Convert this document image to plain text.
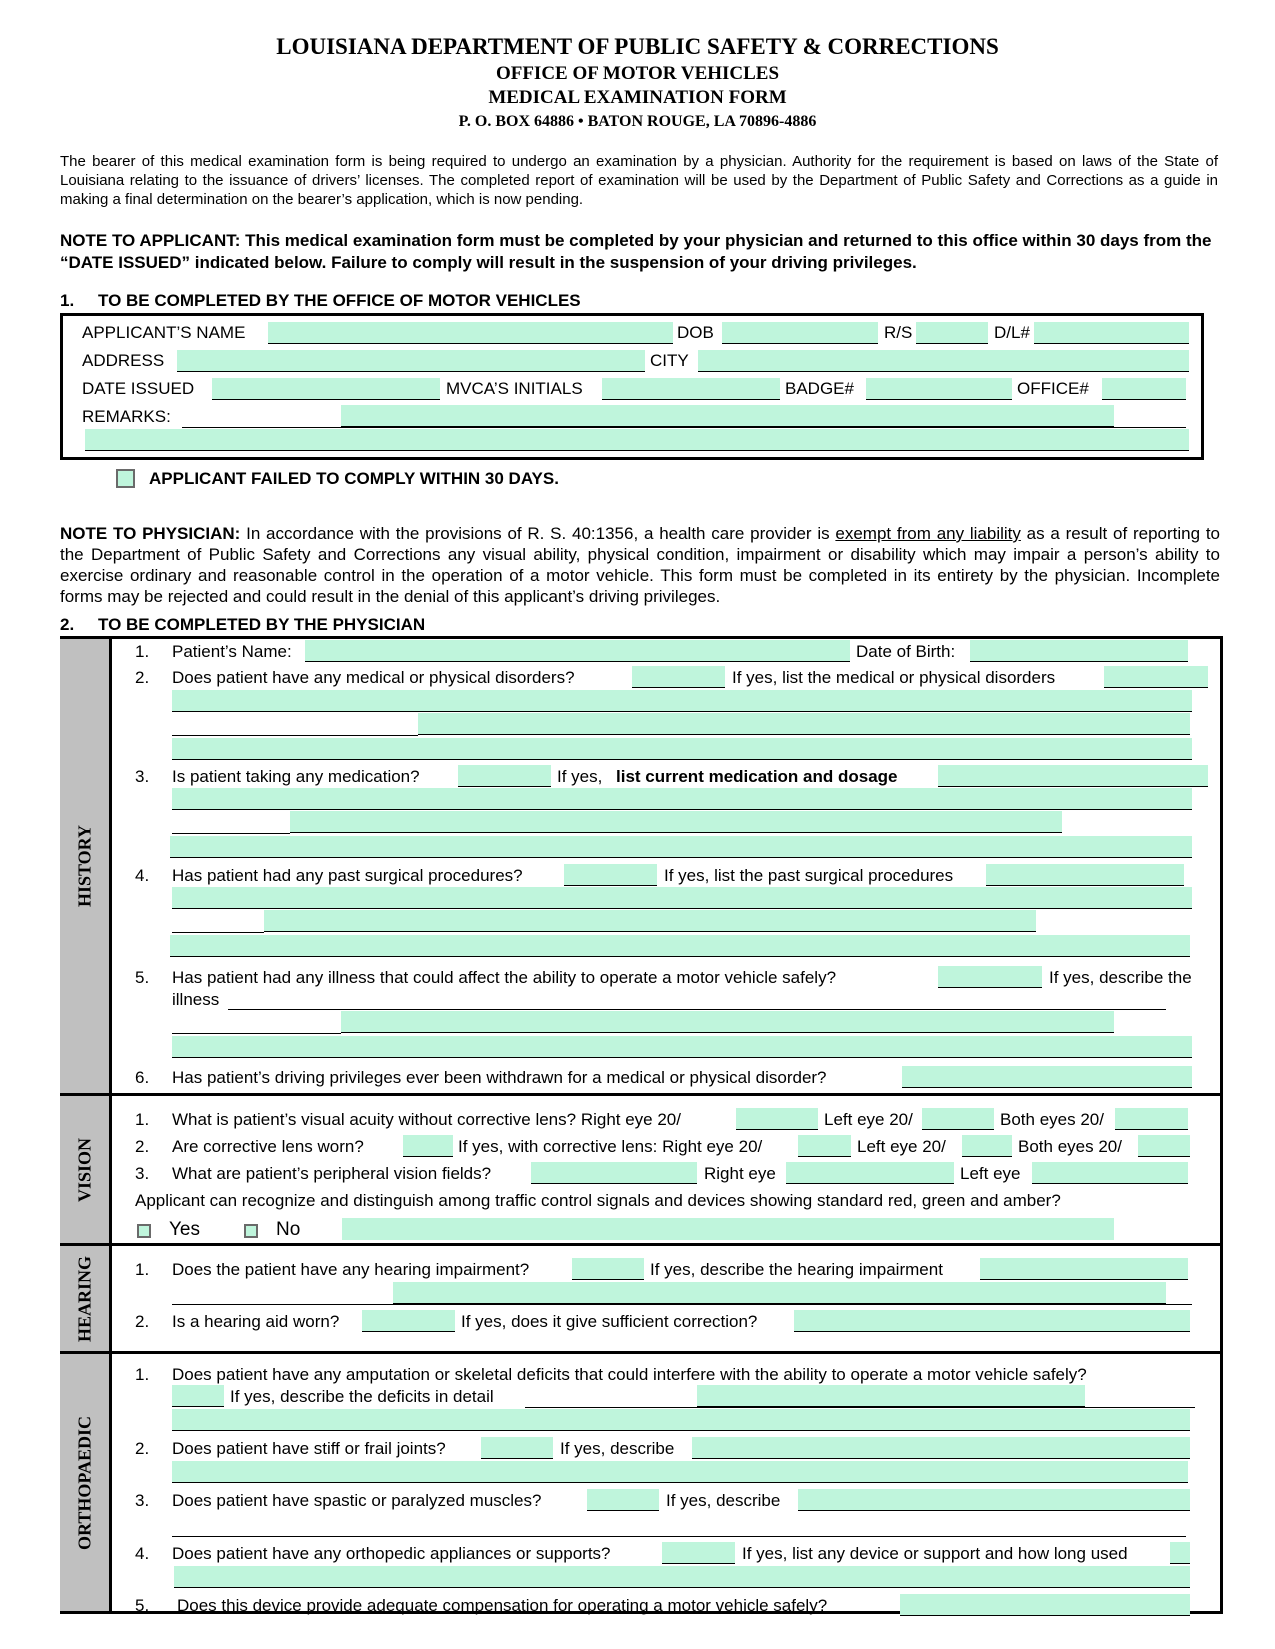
LOUISIANA DEPARTMENT OF PUBLIC SAFETY & CORRECTIONS
OFFICE OF MOTOR VEHICLES
MEDICAL EXAMINATION FORM
P. O. BOX 64886 • BATON ROUGE, LA 70896-4886
The bearer of this medical examination form is being required to undergo an examination by a physician. Authority for the requirement is based on laws of the State of Louisiana relating to the issuance of drivers’ licenses. The completed report of examination will be used by the Department of Public Safety and Corrections as a guide in making a final determination on the bearer’s application, which is now pending.
NOTE TO APPLICANT: This medical examination form must be completed by your physician and returned to this office within 30 days from the “DATE ISSUED” indicated below. Failure to comply will result in the suspension of your driving privileges.
1. TO BE COMPLETED BY THE OFFICE OF MOTOR VEHICLES
APPLICANT’S NAME	DOB	R/S	D/L#
ADDRESS	CITY
DATE ISSUED	MVCA’S INITIALS	BADGE#	OFFICE#
REMARKS:
APPLICANT FAILED TO COMPLY WITHIN 30 DAYS.
NOTE TO PHYSICIAN: In accordance with the provisions of R. S. 40:1356, a health care provider is exempt from any liability as a result of reporting to the Department of Public Safety and Corrections any visual ability, physical condition, impairment or disability which may impair a person’s ability to exercise ordinary and reasonable control in the operation of a motor vehicle. This form must be completed in its entirety by the physician. Incomplete forms may be rejected and could result in the denial of this applicant’s driving privileges.
2. TO BE COMPLETED BY THE PHYSICIAN
HISTORY
VISION
HEARING
ORTHOPAEDIC
1. Patient’s Name:	Date of Birth:
2. Does patient have any medical or physical disorders?	If yes, list the medical or physical disorders
3. Is patient taking any medication?	If yes, list current medication and dosage
4. Has patient had any past surgical procedures?	If yes, list the past surgical procedures
5. Has patient had any illness that could affect the ability to operate a motor vehicle safely?	If yes, describe the
illness
6. Has patient’s driving privileges ever been withdrawn for a medical or physical disorder?
1. What is patient’s visual acuity without corrective lens? Right eye 20/	Left eye 20/	Both eyes 20/
2. Are corrective lens worn?	If yes, with corrective lens: Right eye 20/	Left eye 20/	Both eyes 20/
3. What are patient’s peripheral vision fields?	Right eye	Left eye
Applicant can recognize and distinguish among traffic control signals and devices showing standard red, green and amber?
Yes	No
1. Does the patient have any hearing impairment?	If yes, describe the hearing impairment
2. Is a hearing aid worn?	If yes, does it give sufficient correction?
1. Does patient have any amputation or skeletal deficits that could interfere with the ability to operate a motor vehicle safely?
If yes, describe the deficits in detail
2. Does patient have stiff or frail joints?	If yes, describe
3. Does patient have spastic or paralyzed muscles?	If yes, describe
4. Does patient have any orthopedic appliances or supports?	If yes, list any device or support and how long used
5. Does this device provide adequate compensation for operating a motor vehicle safely?
